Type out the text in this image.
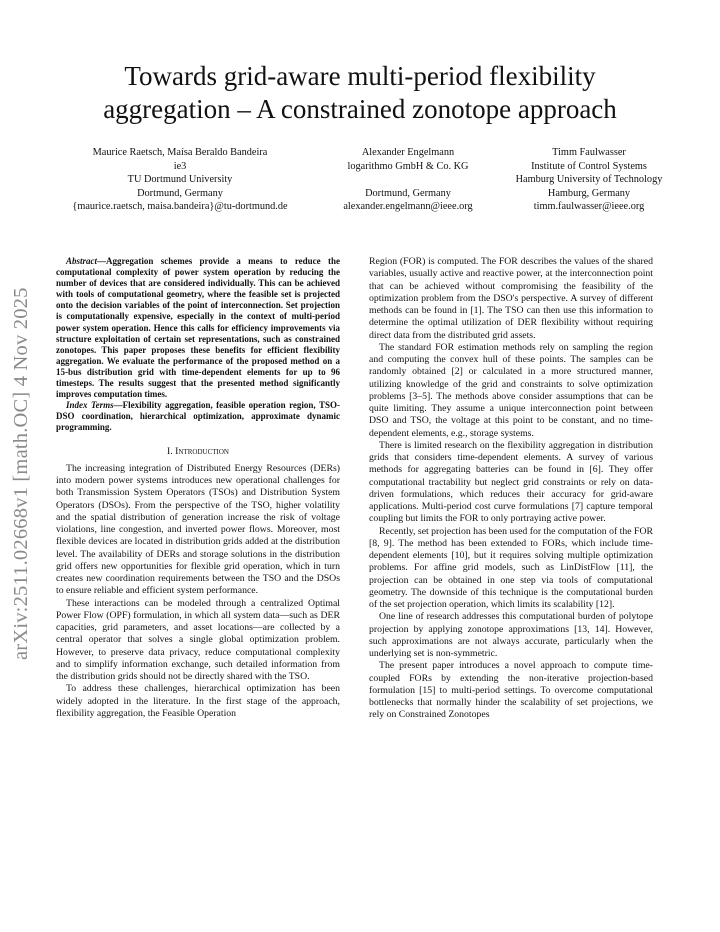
Towards grid-aware multi-period flexibility
aggregation – A constrained zonotope approach
Maurice Raetsch, Maísa Beraldo Bandeira
ie3
TU Dortmund University
Dortmund, Germany
{maurice.raetsch, maisa.bandeira}@tu-dortmund.de
Alexander Engelmann
logarithmo GmbH & Co. KG

Dortmund, Germany
alexander.engelmann@ieee.org
Timm Faulwasser
Institute of Control Systems
Hamburg University of Technology
Hamburg, Germany
timm.faulwasser@ieee.org
arXiv:2511.02668v1 [math.OC] 4 Nov 2025

Abstract—Aggregation schemes provide a means to reduce the computational complexity of power system operation by reducing the number of devices that are considered individually. This can be achieved with tools of computational geometry, where the feasible set is projected onto the decision variables of the point of interconnection. Set projection is computationally expensive, especially in the context of multi-period power system operation. Hence this calls for efficiency improvements via structure exploitation of certain set representations, such as constrained zonotopes. This paper proposes these benefits for efficient flexibility aggregation. We evaluate the performance of the proposed method on a 15-bus distribution grid with time-dependent elements for up to 96 timesteps. The results suggest that the presented method significantly improves computation times.

Index Terms—Flexibility aggregation, feasible operation region, TSO-DSO coordination, hierarchical optimization, approximate dynamic programming.

I. Introduction

The increasing integration of Distributed Energy Resources (DERs) into modern power systems introduces new operational challenges for both Transmission System Operators (TSOs) and Distribution System Operators (DSOs). From the perspective of the TSO, higher volatility and the spatial distribution of generation increase the risk of voltage violations, line congestion, and inverted power flows. Moreover, most flexible devices are located in distribution grids added at the distribution level. The availability of DERs and storage solutions in the distribution grid offers new opportunities for flexible grid operation, which in turn creates new coordination requirements between the TSO and the DSOs to ensure reliable and efficient system performance.

These interactions can be modeled through a centralized Optimal Power Flow (OPF) formulation, in which all system data—such as DER capacities, grid parameters, and asset locations—are collected by a central operator that solves a single global optimization problem. However, to preserve data privacy, reduce computational complexity and to simplify information exchange, such detailed information from the distribution grids should not be directly shared with the TSO.

To address these challenges, hierarchical optimization has been widely adopted in the literature. In the first stage of the approach, flexibility aggregation, the Feasible Operation

Region (FOR) is computed. The FOR describes the values of the shared variables, usually active and reactive power, at the interconnection point that can be achieved without compromising the feasibility of the optimization problem from the DSO's perspective. A survey of different methods can be found in [1]. The TSO can then use this information to determine the optimal utilization of DER flexibility without requiring direct data from the distributed grid assets.

The standard FOR estimation methods rely on sampling the region and computing the convex hull of these points. The samples can be randomly obtained [2] or calculated in a more structured manner, utilizing knowledge of the grid and constraints to solve optimization problems [3–5]. The methods above consider assumptions that can be quite limiting. They assume a unique interconnection point between DSO and TSO, the voltage at this point to be constant, and no time-dependent elements, e.g., storage systems.

There is limited research on the flexibility aggregation in distribution grids that considers time-dependent elements. A survey of various methods for aggregating batteries can be found in [6]. They offer computational tractability but neglect grid constraints or rely on data-driven formulations, which reduces their accuracy for grid-aware applications. Multi-period cost curve formulations [7] capture temporal coupling but limits the FOR to only portraying active power.

Recently, set projection has been used for the computation of the FOR [8, 9]. The method has been extended to FORs, which include time-dependent elements [10], but it requires solving multiple optimization problems. For affine grid models, such as LinDistFlow [11], the projection can be obtained in one step via tools of computational geometry. The downside of this technique is the computational burden of the set projection operation, which limits its scalability [12].

One line of research addresses this computational burden of polytope projection by applying zonotope approximations [13, 14]. However, such approximations are not always accurate, particularly when the underlying set is non-symmetric.

The present paper introduces a novel approach to compute time-coupled FORs by extending the non-iterative projection-based formulation [15] to multi-period settings. To overcome computational bottlenecks that normally hinder the scalability of set projections, we rely on Constrained Zonotopes
